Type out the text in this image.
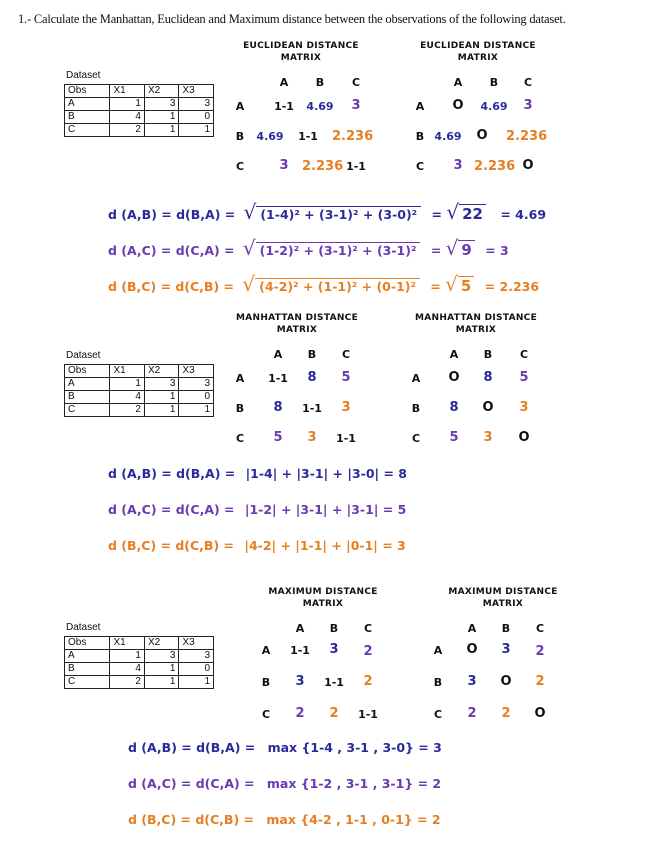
1.- Calculate the Manhattan, Euclidean and Maximum distance between the observations of the following dataset.
EUCLIDEAN DISTANCE
MATRIX
EUCLIDEAN DISTANCE
MATRIX
Dataset
Obs	X1	X2	X3
A	1	3	3
B	4	1	0
C	2	1	1
A	B	C
A
B
C
1-1	4.69	3
4.69	1-1	2.236
3	2.236 1-1
A	B	C
A
B
C
O	4.69	3
4.69	O	2.236
3 2.236 O
d (A,B) = d(B,A) = √ (1-4)² + (3-1)² + (3-0)² = √ 22 = 4.69
d (A,C) = d(C,A) = √ (1-2)² + (3-1)² + (3-1)² = √ 9 = 3
d (B,C) = d(C,B) = √ (4-2)² + (1-1)² + (0-1)² = √ 5 = 2.236
MANHATTAN DISTANCE
MATRIX
MANHATTAN DISTANCE
MATRIX
Dataset
Obs	X1	X2	X3
A	1	3	3
B	4	1	0
C	2	1	1
A	B	C
A
B
C
1-1	8	5
8	1-1	3
5	3	1-1
A	B	C
A
B
C
O	8	5
8	O	3
5	3	O
d (A,B) = d(B,A) = |1-4| + |3-1| + |3-0| = 8
d (A,C) = d(C,A) = |1-2| + |3-1| + |3-1| = 5
d (B,C) = d(C,B) = |4-2| + |1-1| + |0-1| = 3
MAXIMUM DISTANCE
MATRIX
MAXIMUM DISTANCE
MATRIX
Dataset
Obs	X1	X2	X3
A	1	3	3
B	4	1	0
C	2	1	1
A	B	C
A
B
C
1-1	3	2
3	1-1	2
2	2	1-1
A	B	C
A
B
C
O	3	2
3	O	2
2	2	O
d (A,B) = d(B,A) = max {1-4 , 3-1 , 3-0} = 3
d (A,C) = d(C,A) = max {1-2 , 3-1 , 3-1} = 2
d (B,C) = d(C,B) = max {4-2 , 1-1 , 0-1} = 2
